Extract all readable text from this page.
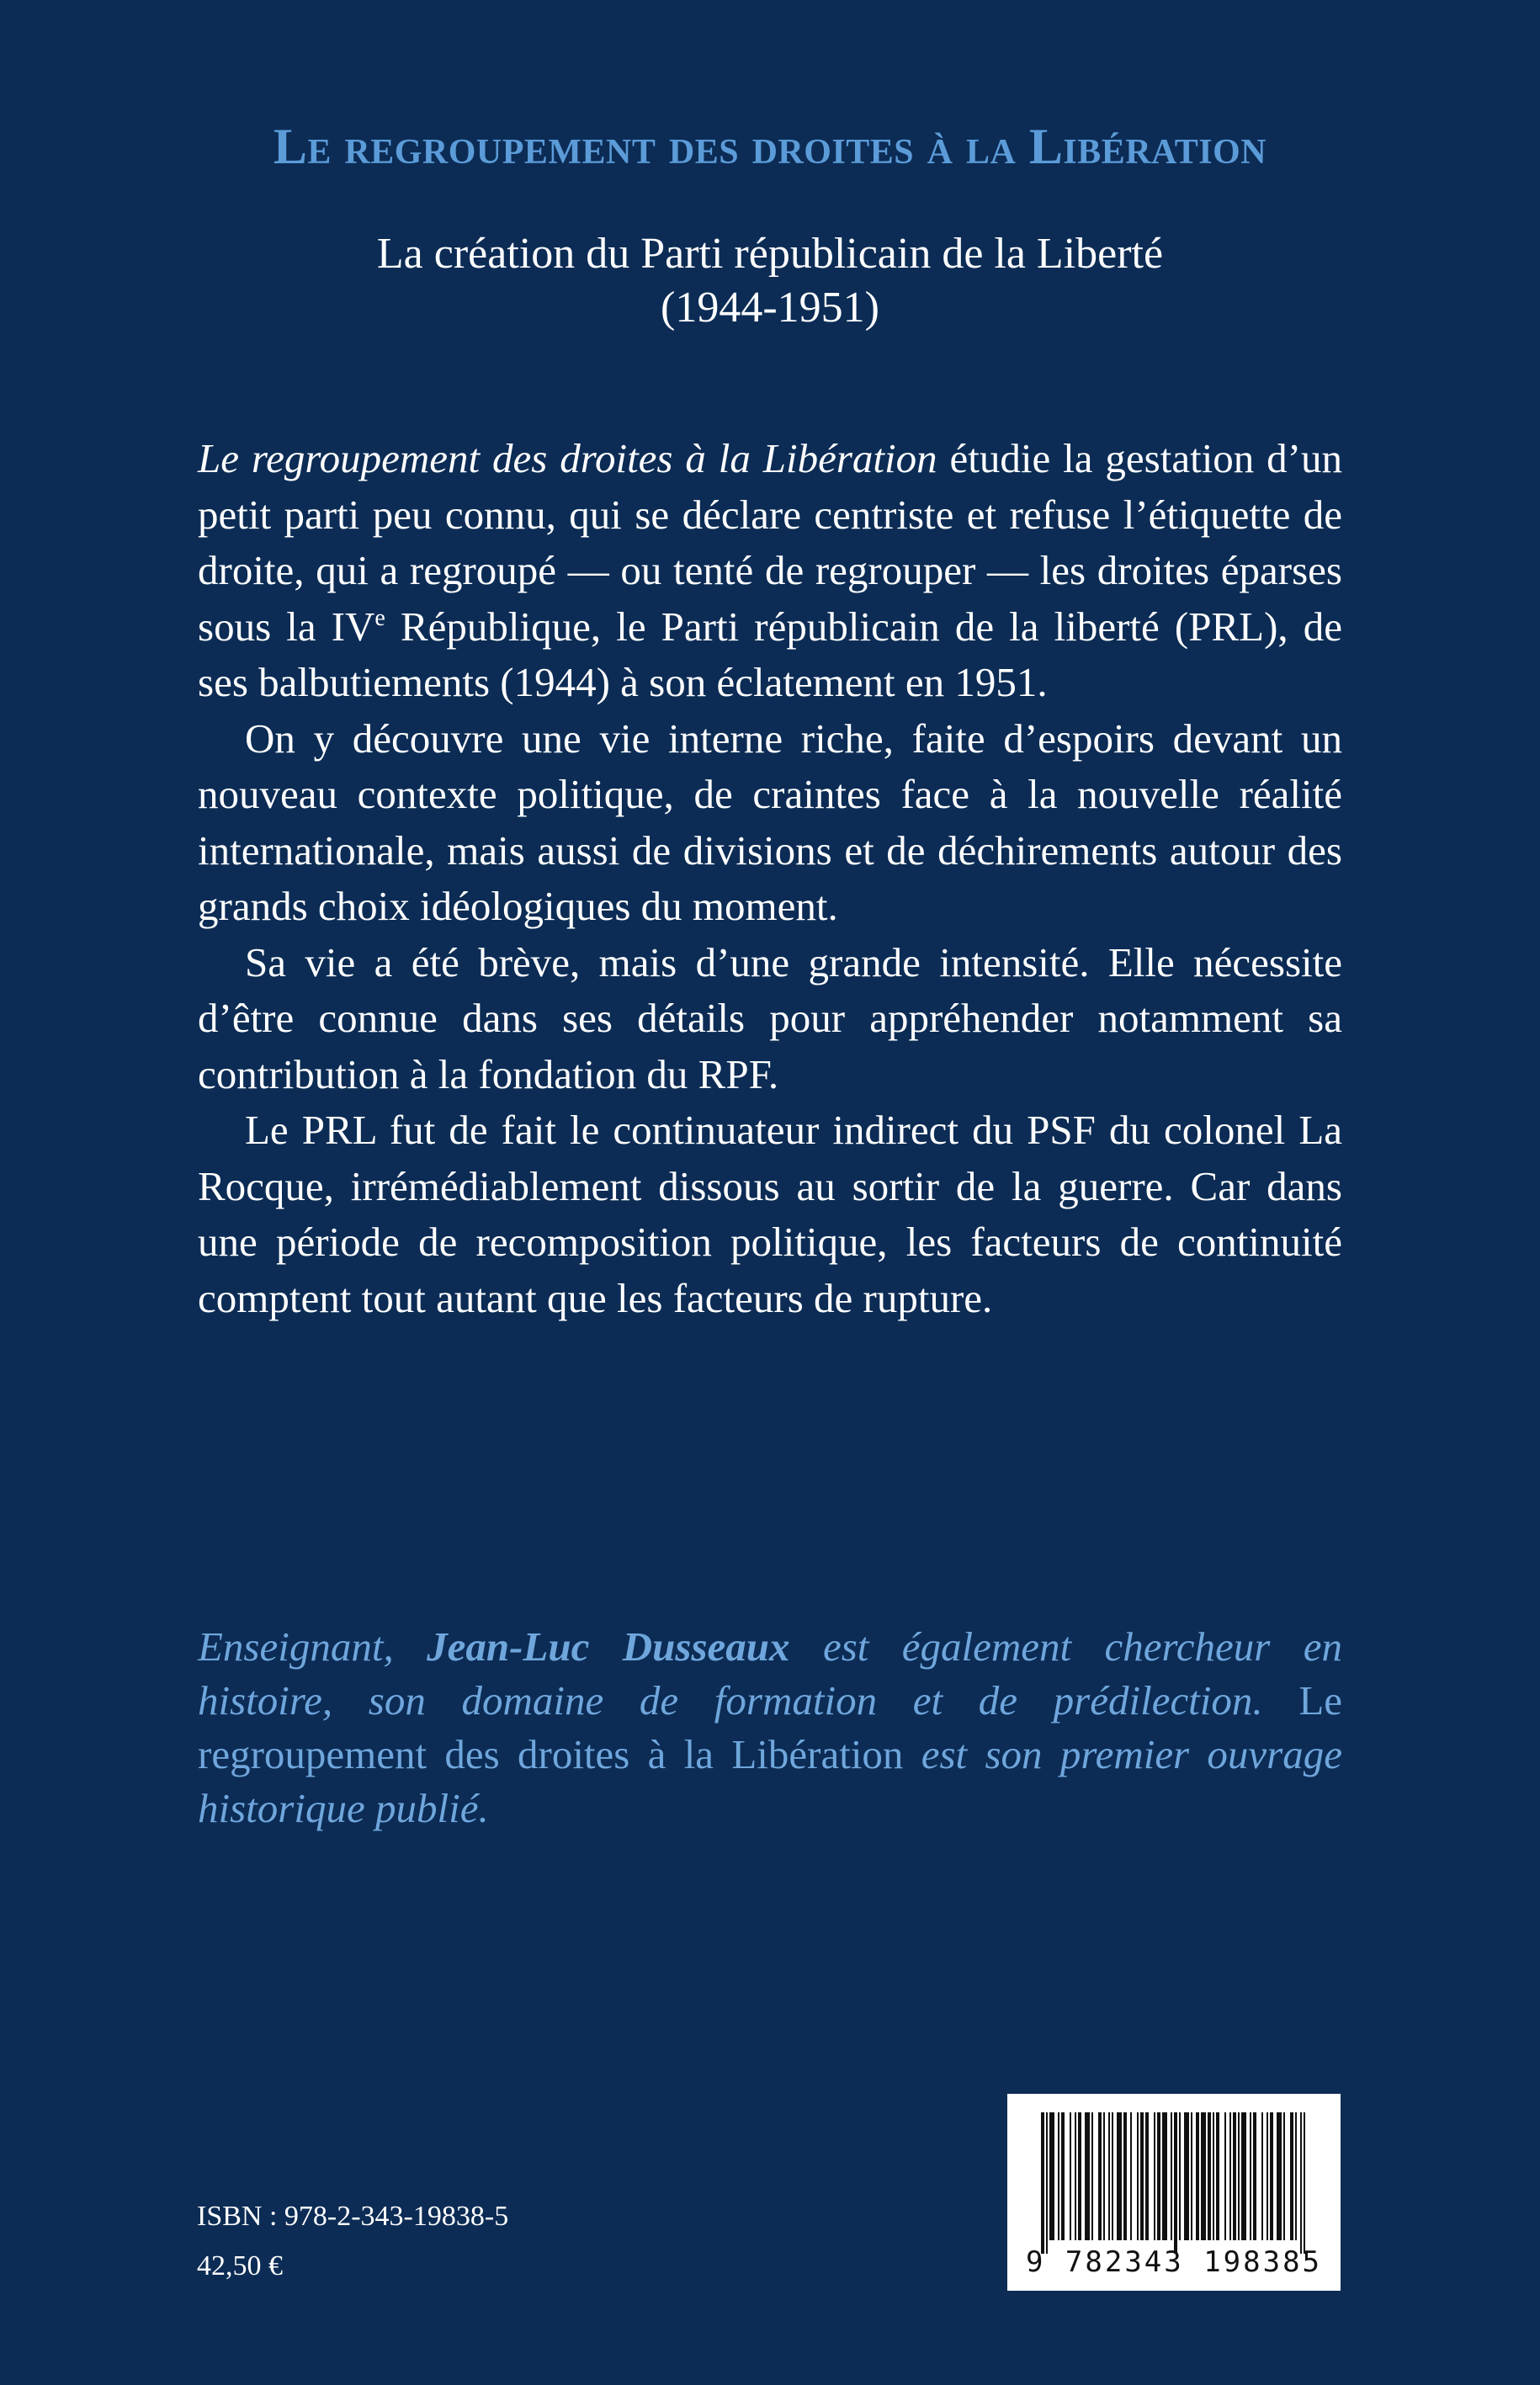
Le regroupement des droites à la Libération
La création du Parti républicain de la Liberté
(1944-1951)

Le regroupement des droites à la Libération étudie la gestation d’un petit parti peu connu, qui se déclare centriste et refuse l’étiquette de droite, qui a regroupé — ou tenté de regrouper — les droites éparses sous la IVe République, le Parti républicain de la liberté (PRL), de ses balbutiements (1944) à son éclatement en 1951.

On y découvre une vie interne riche, faite d’espoirs devant un nouveau contexte politique, de craintes face à la nouvelle réalité internationale, mais aussi de divisions et de déchirements autour des grands choix idéologiques du moment.

Sa vie a été brève, mais d’une grande intensité. Elle nécessite d’être connue dans ses détails pour appréhender notamment sa contribution à la fondation du RPF.

Le PRL fut de fait le continuateur indirect du PSF du colonel La Rocque, irrémédiablement dissous au sortir de la guerre. Car dans une période de recomposition politique, les facteurs de continuité comptent tout autant que les facteurs de rupture.

Enseignant, Jean-Luc Dusseaux est également chercheur en histoire, son domaine de formation et de prédilection. Le regroupement des droites à la Libération est son premier ouvrage historique publié.
ISBN : 978-2-343-19838-5
42,50 €	9 782343 198385
